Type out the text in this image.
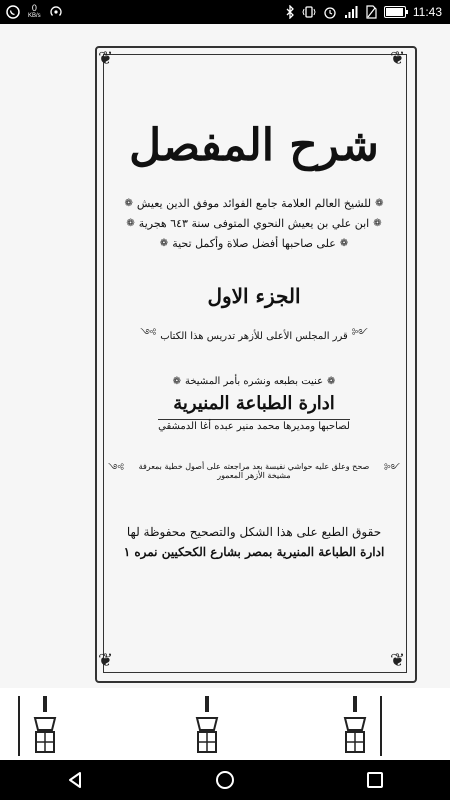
0
KB/s	11:43
❦	❦
❦	❦
شرح المفصل
❁
للشيخ العالم العلامة جامع الفوائد موفق الدين يعيش
❁
❁
ابن علي بن يعيش النحوي المتوفى سنة ٦٤٣ هجرية
❁
❁
على صاحبها أفضل صلاة وأكمل تحية
❁
الجزء الاول
༺
قرر المجلس الأعلى للأزهر تدريس هذا الكتاب
༻
❁
عنيت بطبعه ونشره بأمر المشيخة
❁
ادارة الطباعة المنيرية
لصاحبها ومديرها محمد منير عبده أغا الدمشقي
༺
صحح وعلق عليه حواشي نفيسة بعد مراجعته على أصول خطية بمعرفة مشيخة الأزهر المعمور
༻
حقوق الطبع على هذا الشكل والتصحيح محفوظة لها
ادارة الطباعة المنيرية بمصر بشارع الكحكيين نمره ١
